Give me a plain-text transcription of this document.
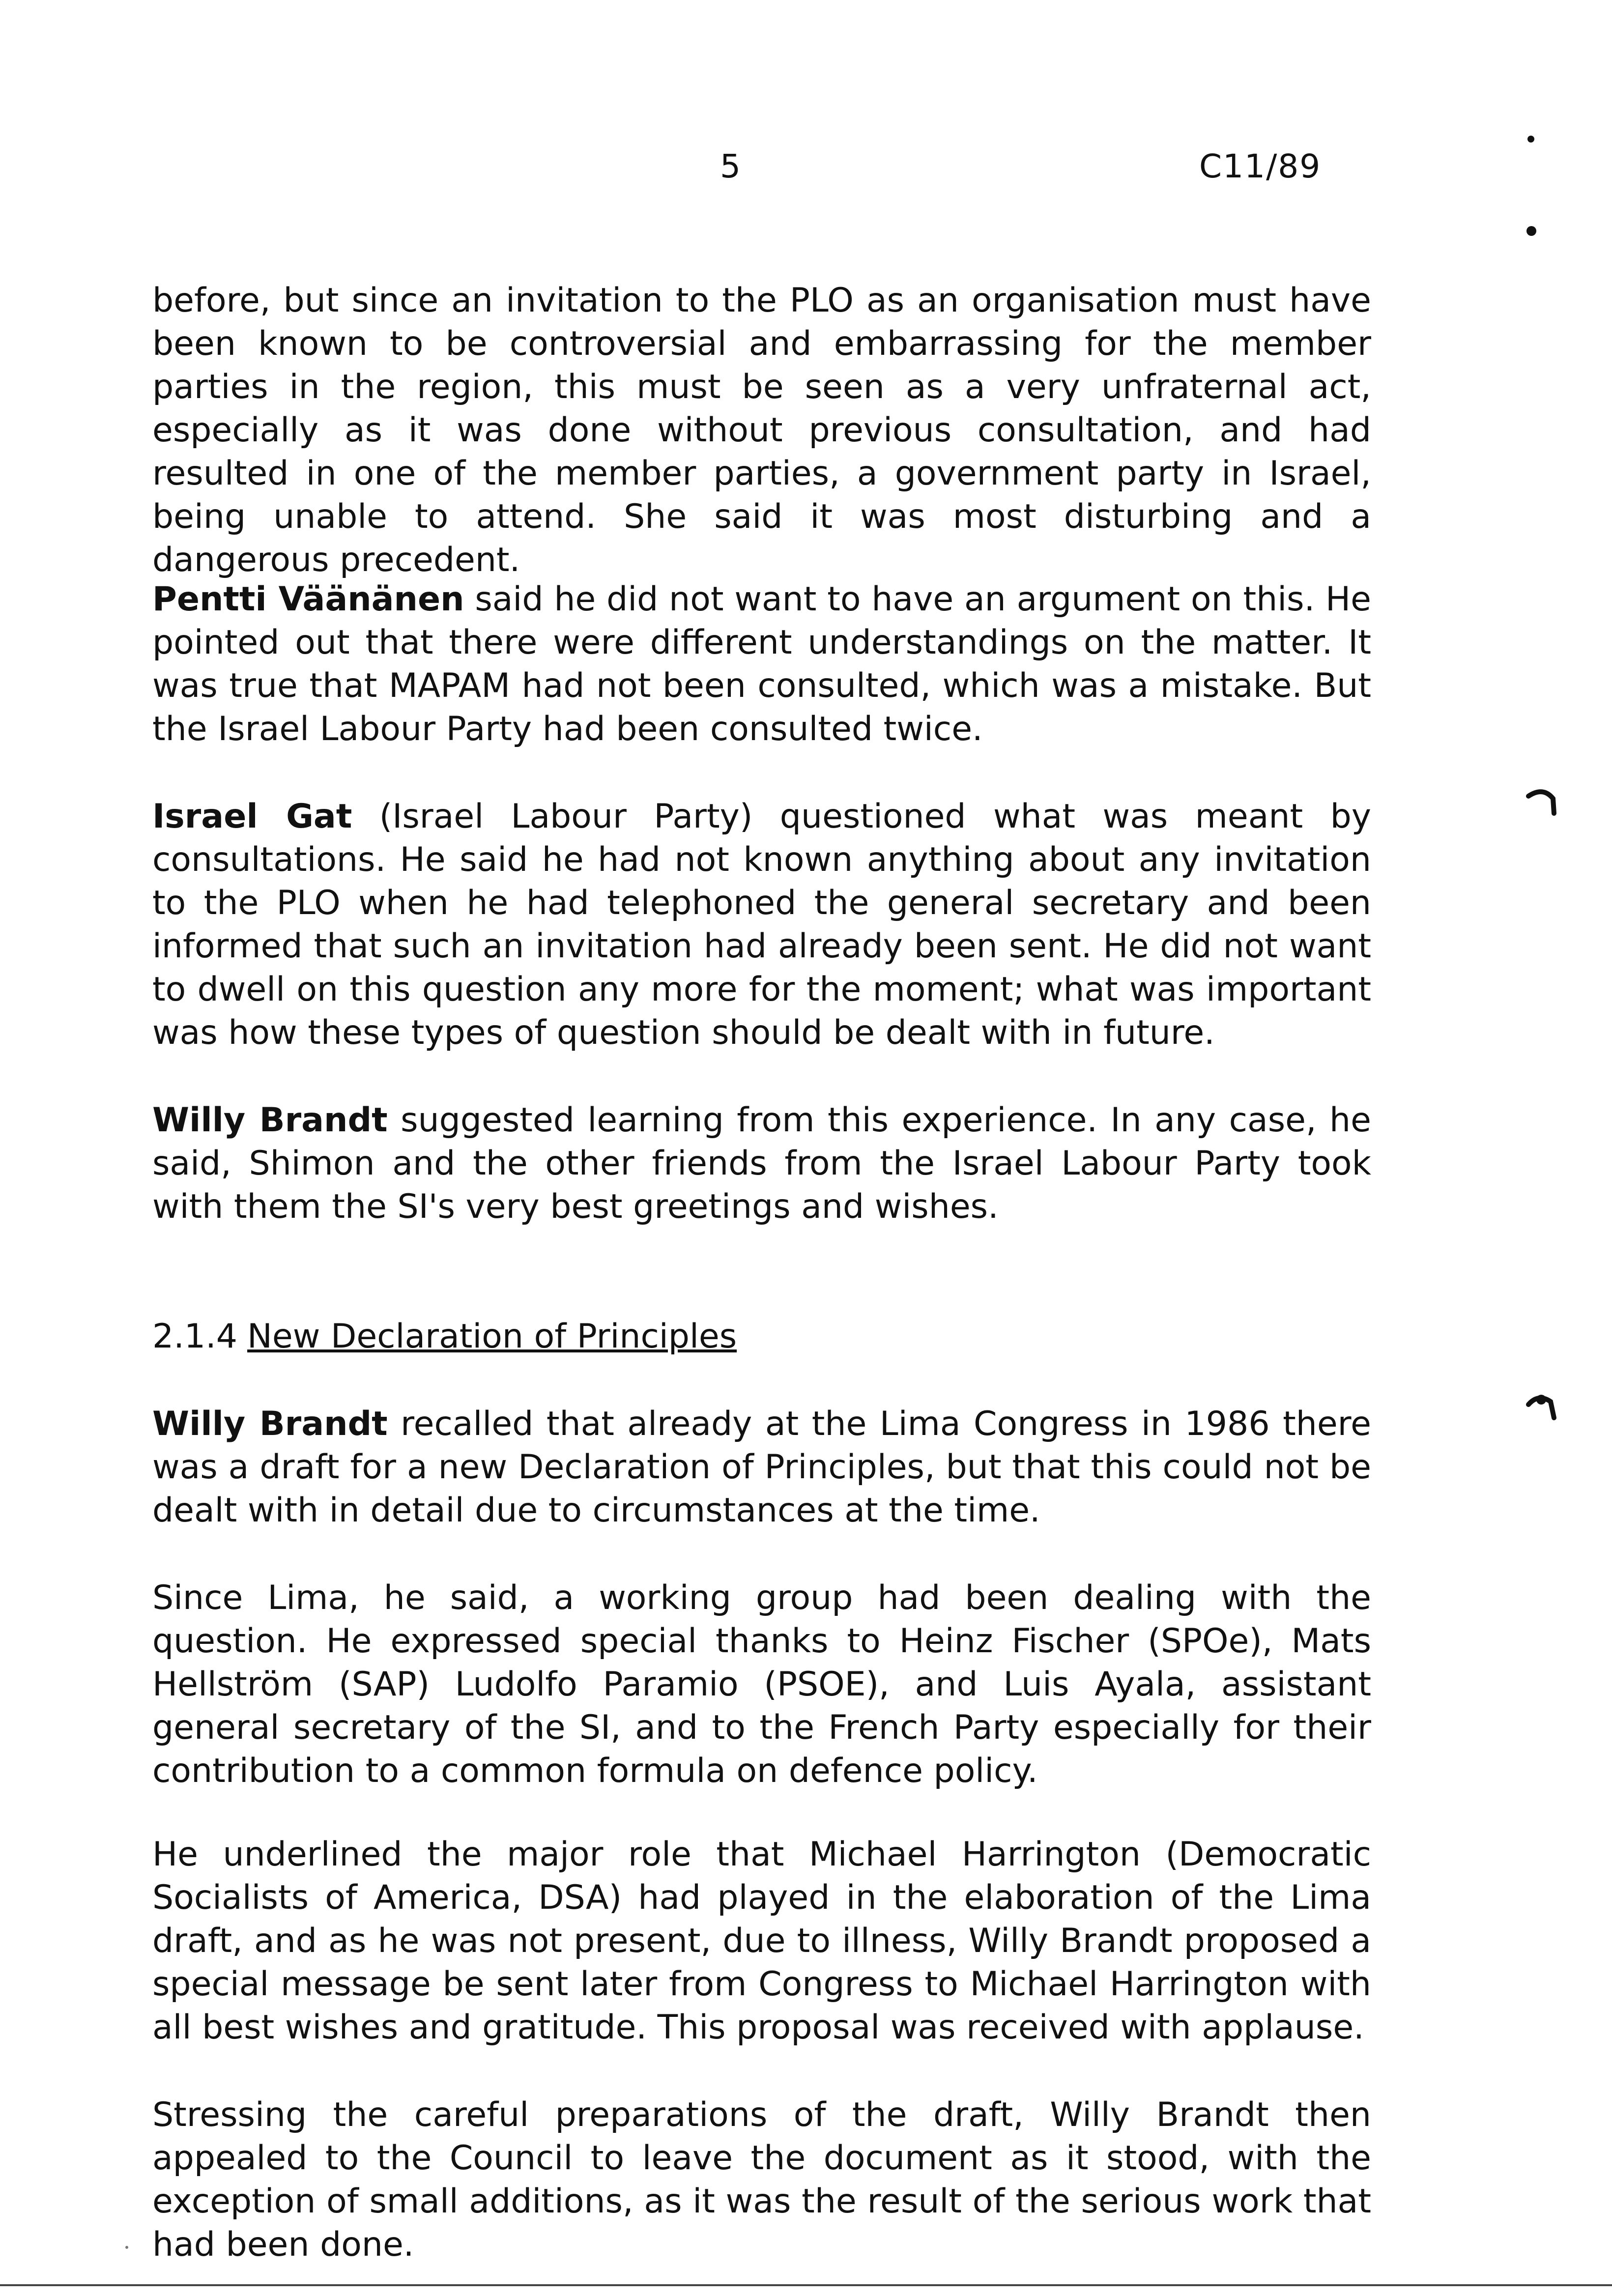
5	C11/89

before, but since an invitation to the PLO as an organisation must have been known to be controversial and embarrassing for the member parties in the region, this must be seen as a very unfraternal act, especially as it was done without previous consultation, and had resulted in one of the member parties, a government party in Israel, being unable to attend. She said it was most disturbing and a dangerous precedent.

Pentti Väänänen said he did not want to have an argument on this. He pointed out that there were different understandings on the matter. It was true that MAPAM had not been consulted, which was a mistake. But the Israel Labour Party had been consulted twice.

Israel Gat (Israel Labour Party) questioned what was meant by consultations. He said he had not known anything about any invitation to the PLO when he had telephoned the general secretary and been informed that such an invitation had already been sent. He did not want to dwell on this question any more for the moment; what was important was how these types of question should be dealt with in future.

Willy Brandt suggested learning from this experience. In any case, he said, Shimon and the other friends from the Israel Labour Party took with them the SI's very best greetings and wishes.

2.1.4 New Declaration of Principles

Willy Brandt recalled that already at the Lima Congress in 1986 there was a draft for a new Declaration of Principles, but that this could not be dealt with in detail due to circumstances at the time.

Since Lima, he said, a working group had been dealing with the question. He expressed special thanks to Heinz Fischer (SPOe), Mats Hellström (SAP) Ludolfo Paramio (PSOE), and Luis Ayala, assistant general secretary of the SI, and to the French Party especially for their contribution to a common formula on defence policy.

He underlined the major role that Michael Harrington (Democratic Socialists of America, DSA) had played in the elaboration of the Lima draft, and as he was not present, due to illness, Willy Brandt proposed a special message be sent later from Congress to Michael Harrington with all best wishes and gratitude. This proposal was received with applause.

Stressing the careful preparations of the draft, Willy Brandt then appealed to the Council to leave the document as it stood, with the exception of small additions, as it was the result of the serious work that had been done.
